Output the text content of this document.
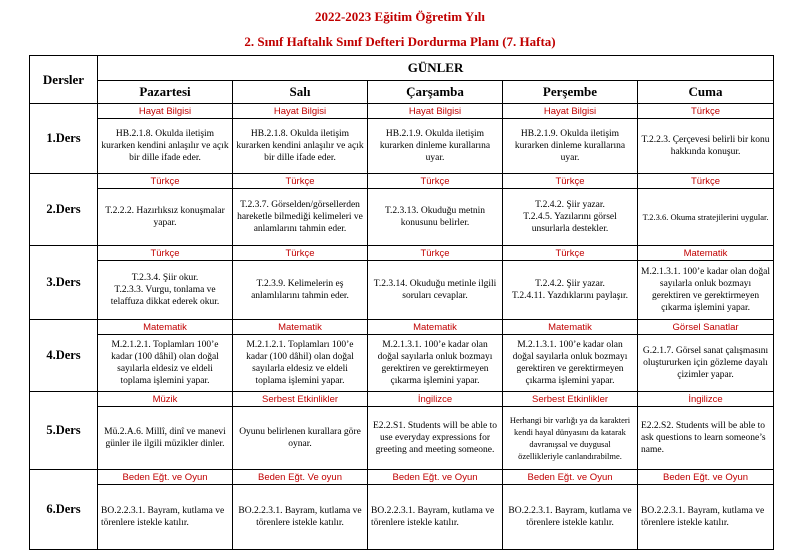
2022-2023 Eğitim Öğretim Yılı
2. Sınıf Haftalık Sınıf Defteri Dordurma Planı (7. Hafta)
Dersler	GÜNLER				
	Pazartesi	Salı	Çarşamba	Perşembe	Cuma
1.Ders	Hayat Bilgisi	Hayat Bilgisi	Hayat Bilgisi	Hayat Bilgisi	Türkçe
	HB.2.1.8. Okulda iletişim kurarken kendini anlaşılır ve açık bir dille ifade eder.	HB.2.1.8. Okulda iletişim kurarken kendini anlaşılır ve açık bir dille ifade eder.	HB.2.1.9. Okulda iletişim kurarken dinleme kurallarına uyar.	HB.2.1.9. Okulda iletişim kurarken dinleme kurallarına uyar.	T.2.2.3. Çerçevesi belirli bir konu hakkında konuşur.
2.Ders	Türkçe	Türkçe	Türkçe	Türkçe	Türkçe
	T.2.2.2. Hazırlıksız konuşmalar yapar.	T.2.3.7. Görselden/görsellerden hareketle bilmediği kelimeleri ve anlamlarını tahmin eder.	T.2.3.13. Okuduğu metnin konusunu belirler.	T.2.4.2. Şiir yazar.
T.2.4.5. Yazılarını görsel unsurlarla destekler.	T.2.3.6. Okuma stratejilerini uygular.
3.Ders	Türkçe	Türkçe	Türkçe	Türkçe	Matematik
	T.2.3.4. Şiir okur.
T.2.3.3. Vurgu, tonlama ve telaffuza dikkat ederek okur.	T.2.3.9. Kelimelerin eş anlamlılarını tahmin eder.	T.2.3.14. Okuduğu metinle ilgili soruları cevaplar.	T.2.4.2. Şiir yazar.
T.2.4.11. Yazdıklarını paylaşır.	M.2.1.3.1. 100’e kadar olan doğal sayılarla onluk bozmayı gerektiren ve gerektirmeyen çıkarma işlemini yapar.
4.Ders	Matematik	Matematik	Matematik	Matematik	Görsel Sanatlar
	M.2.1.2.1. Toplamları 100’e kadar (100 dâhil) olan doğal sayılarla eldesiz ve eldeli toplama işlemini yapar.	M.2.1.2.1. Toplamları 100’e kadar (100 dâhil) olan doğal sayılarla eldesiz ve eldeli toplama işlemini yapar.	M.2.1.3.1. 100’e kadar olan doğal sayılarla onluk bozmayı gerektiren ve gerektirmeyen çıkarma işlemini yapar.	M.2.1.3.1. 100’e kadar olan doğal sayılarla onluk bozmayı gerektiren ve gerektirmeyen çıkarma işlemini yapar.	G.2.1.7. Görsel sanat çalışmasını oluştururken için gözleme dayalı çizimler yapar.
5.Ders	Müzik	Serbest Etkinlikler	İngilizce	Serbest Etkinlikler	İngilizce
	Mü.2.A.6. Millî, dinî ve manevi günler ile ilgili müzikler dinler.	Oyunu belirlenen kurallara göre oynar.	E2.2.S1. Students will be able to use everyday expressions for greeting and meeting someone.	Herhangi bir varlığı ya da karakteri kendi hayal dünyasını da katarak davranışsal ve duygusal özellikleriyle canlandırabilme.	E2.2.S2. Students will be able to ask questions to learn someone’s name.
6.Ders	Beden Eğt. ve Oyun	Beden Eğt. Ve oyun	Beden Eğt. ve Oyun	Beden Eğt. ve Oyun	Beden Eğt. ve Oyun
	BO.2.2.3.1. Bayram, kutlama ve törenlere istekle katılır.	BO.2.2.3.1. Bayram, kutlama ve törenlere istekle katılır.	BO.2.2.3.1. Bayram, kutlama ve törenlere istekle katılır.	BO.2.2.3.1. Bayram, kutlama ve törenlere istekle katılır.	BO.2.2.3.1. Bayram, kutlama ve törenlere istekle katılır.
